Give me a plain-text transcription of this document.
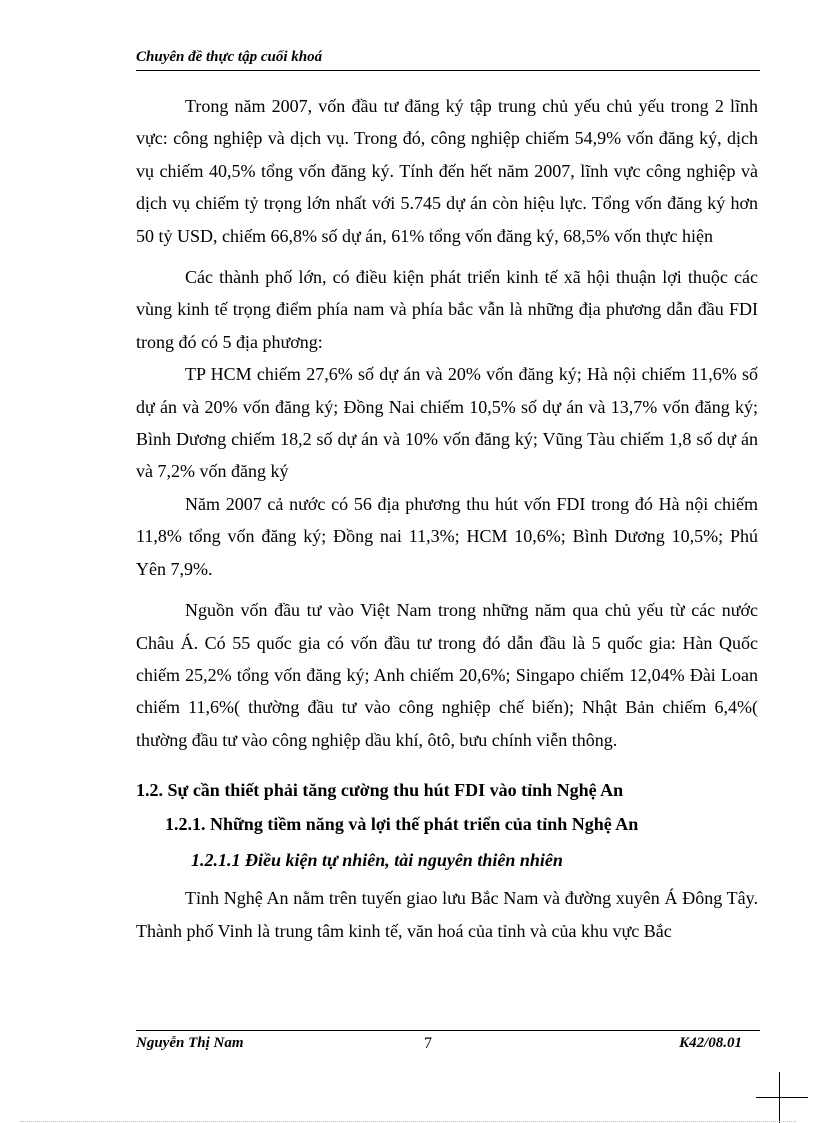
Chuyên đề thực tập cuối khoá

Trong năm 2007, vốn đầu tư đăng ký tập trung chủ yếu chủ yếu trong 2 lĩnh vực: công nghiệp và dịch vụ. Trong đó, công nghiệp chiếm 54,9% vốn đăng ký, dịch vụ chiếm 40,5% tổng vốn đăng ký. Tính đến hết năm 2007, lĩnh vực công nghiệp và dịch vụ chiếm tỷ trọng lớn nhất với 5.745 dự án còn hiệu lực. Tổng vốn đăng ký hơn 50 tỷ USD, chiếm 66,8% số dự án, 61% tổng vốn đăng ký, 68,5% vốn thực hiện

Các thành phố lớn, có điều kiện phát triển kinh tế xã hội thuận lợi thuộc các vùng kinh tế trọng điểm phía nam và phía bắc vẫn là những địa phương dẫn đầu FDI trong đó có 5 địa phương:

TP HCM chiếm 27,6% số dự án và 20% vốn đăng ký; Hà nội chiếm 11,6% số dự án và 20% vốn đăng ký; Đồng Nai chiếm 10,5% số dự án và 13,7% vốn đăng ký; Bình Dương chiếm 18,2 số dự án và 10% vốn đăng ký; Vũng Tàu chiếm 1,8 số dự án và 7,2% vốn đăng ký

Năm 2007 cả nước có 56 địa phương thu hút vốn FDI trong đó Hà nội chiếm 11,8% tổng vốn đăng ký; Đồng nai 11,3%; HCM 10,6%; Bình Dương 10,5%; Phú Yên 7,9%.

Nguồn vốn đầu tư vào Việt Nam trong những năm qua chủ yếu từ các nước Châu Á. Có 55 quốc gia có vốn đầu tư trong đó dẫn đầu là 5 quốc gia: Hàn Quốc chiếm 25,2% tổng vốn đăng ký; Anh chiếm 20,6%; Singapo chiếm 12,04% Đài Loan chiếm 11,6%( thường đầu tư vào công nghiệp chế biến); Nhật Bản chiếm 6,4%( thường đầu tư vào công nghiệp dầu khí, ôtô, bưu chính viễn thông.

1.2. Sự cần thiết phải tăng cường thu hút FDI vào tỉnh Nghệ An
1.2.1. Những tiềm năng và lợi thế phát triển của tỉnh Nghệ An
1.2.1.1 Điều kiện tự nhiên, tài nguyên thiên nhiên

Tỉnh Nghệ An nằm trên tuyến giao lưu Bắc Nam và đường xuyên Á Đông Tây. Thành phố Vinh là trung tâm kinh tế, văn hoá của tỉnh và của khu vực Bắc

Nguyễn Thị Nam	7	K42/08.01
